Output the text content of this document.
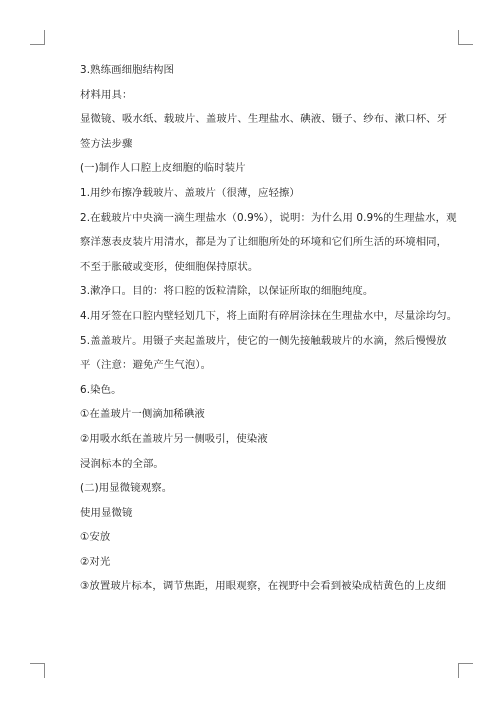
3.熟练画细胞结构图
材料用具：
显微镜、吸水纸、载玻片、盖玻片、生理盐水、碘液、镊子、纱布、漱口杯、牙
签方法步骤
(一)制作人口腔上皮细胞的临时装片
1.用纱布擦净载玻片、盖玻片（很薄，应轻擦）
2.在载玻片中央滴一滴生理盐水（0.9%），说明：为什么用 0.9%的生理盐水，观
察洋葱表皮装片用清水，都是为了让细胞所处的环境和它们所生活的环境相同，
不至于胀破或变形，使细胞保持原状。
3.漱净口。目的：将口腔的饭粒清除，以保证所取的细胞纯度。
4.用牙签在口腔内壁轻划几下，将上面附有碎屑涂抹在生理盐水中，尽量涂均匀。
5.盖盖玻片。用镊子夹起盖玻片，使它的一侧先接触载玻片的水滴，然后慢慢放
平（注意：避免产生气泡）。
6.染色。
①在盖玻片一侧滴加稀碘液
②用吸水纸在盖玻片另一侧吸引，使染液
浸润标本的全部。
(二)用显微镜观察。
使用显微镜
①安放
②对光
③放置玻片标本，调节焦距，用眼观察，在视野中会看到被染成桔黄色的上皮细
